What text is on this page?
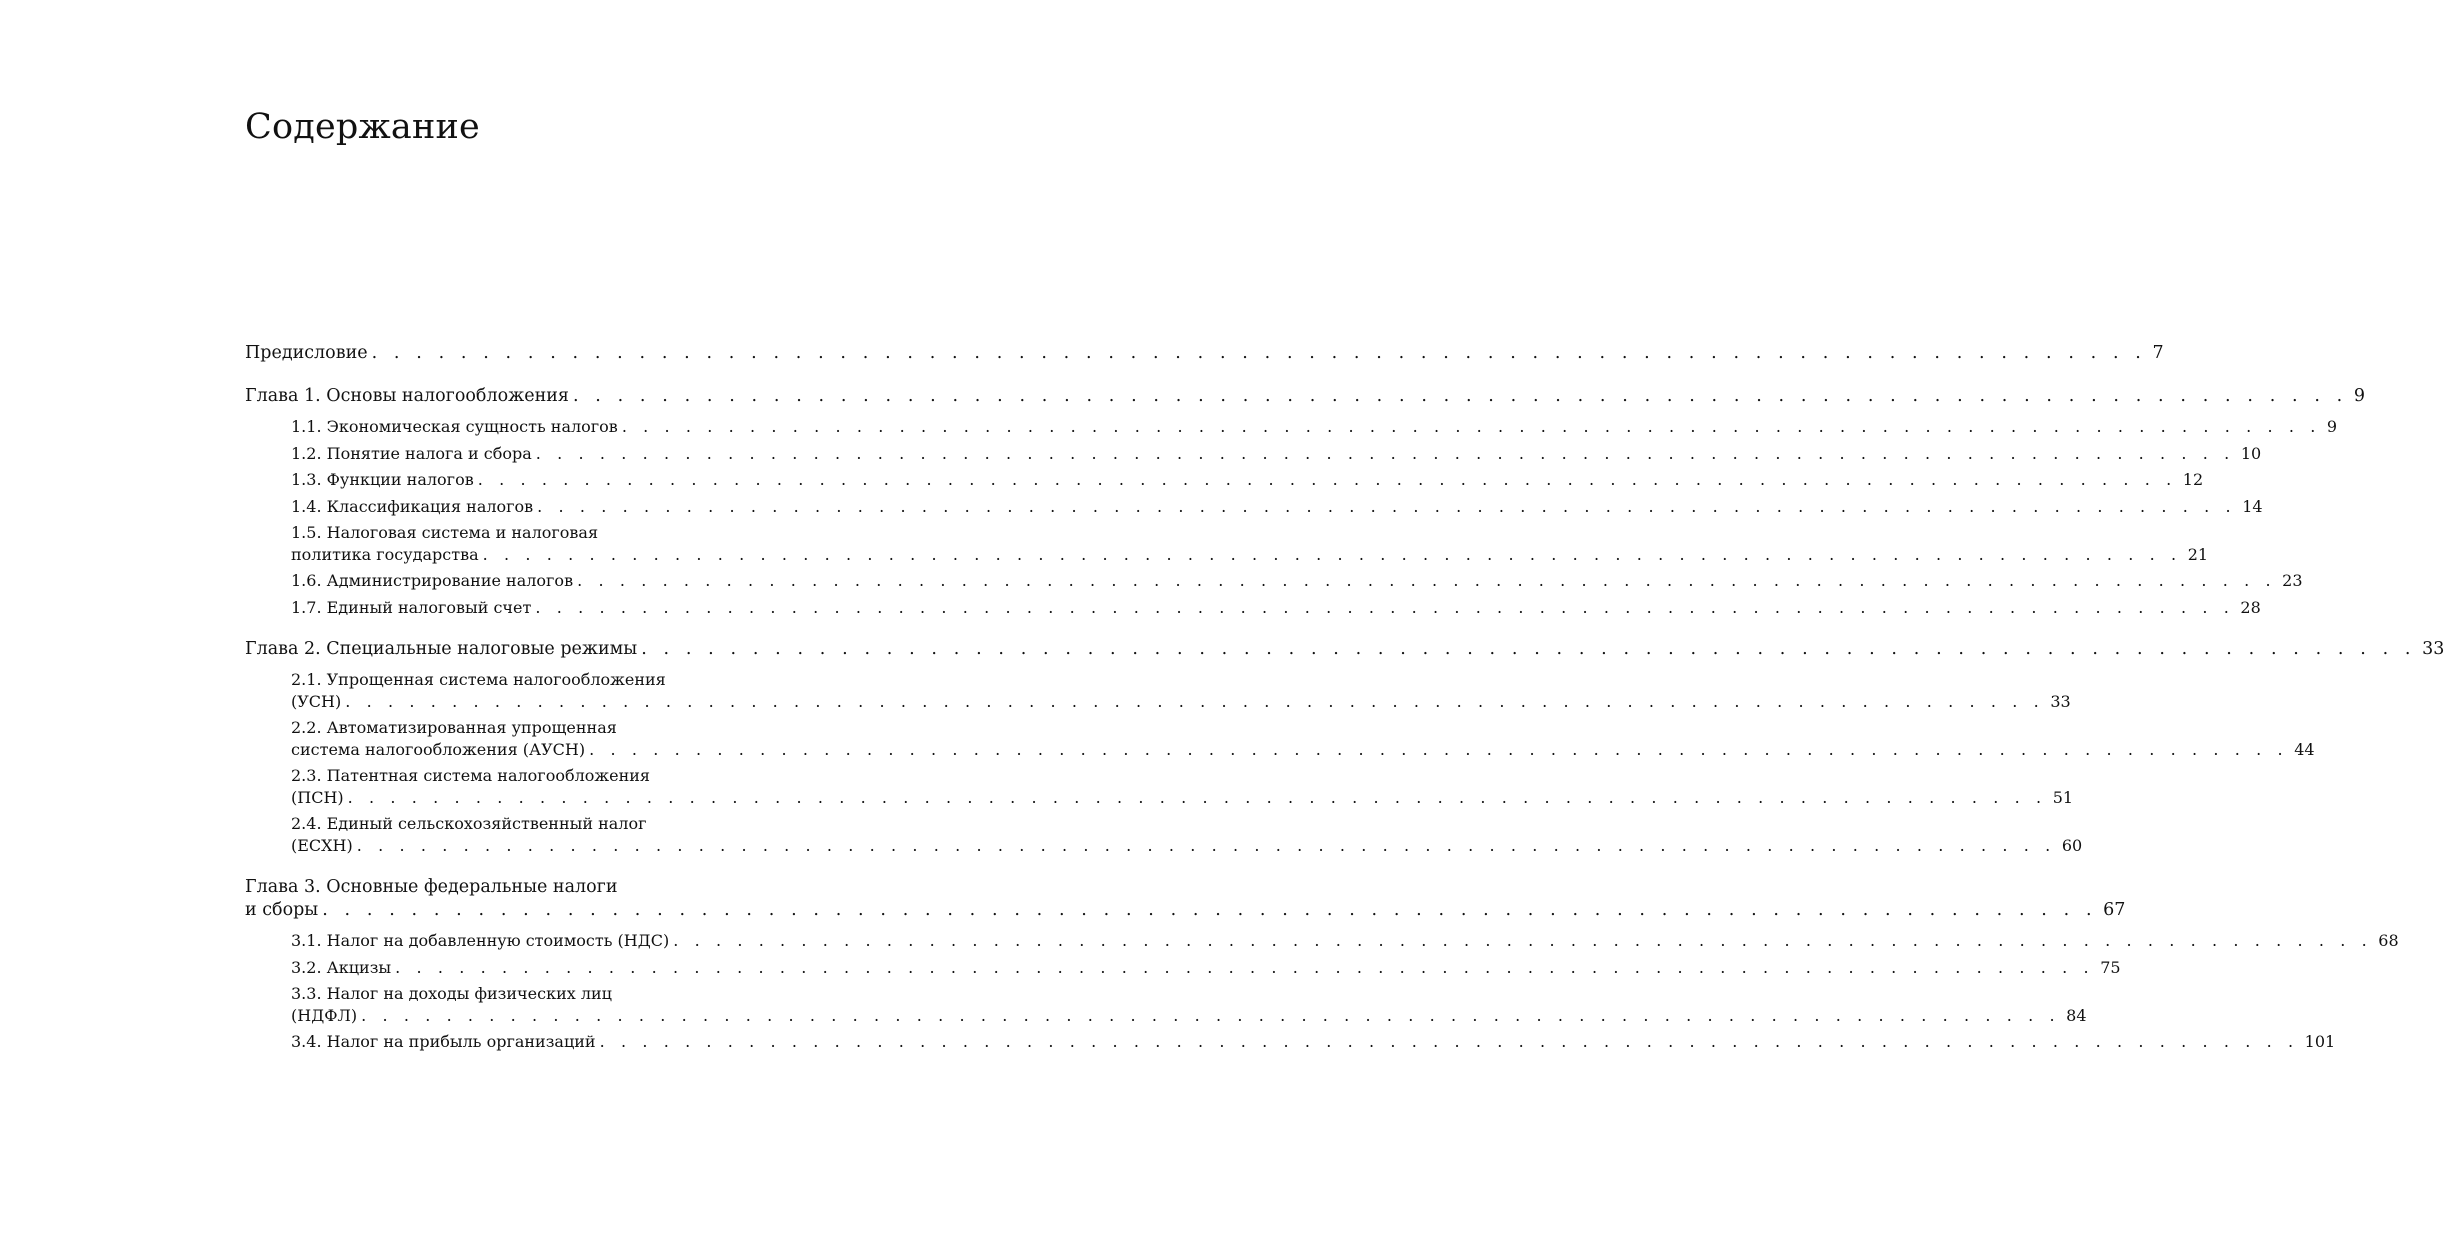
Содержание
Предисловие . . . . . . . . . . . . . . . . . . . . . . . . . . . . . . . . . . . . . . . . . . . . . . . . . . . . . . . . . . . . . . . . . . . . . . . . . . . . . . . . 7
Глава 1. Основы налогообложения . . . . . . . . . . . . . . . . . . . . . . . . . . . . . . . . . . . . . . . . . . . . . . . . . . . . . . . . . . . . . . . . . . . . . . . . . . . . . . . . 9
1.1. Экономическая сущность налогов . . . . . . . . . . . . . . . . . . . . . . . . . . . . . . . . . . . . . . . . . . . . . . . . . . . . . . . . . . . . . . . . . . . . . . . . . . . . . . . . 9
1.2. Понятие налога и сбора . . . . . . . . . . . . . . . . . . . . . . . . . . . . . . . . . . . . . . . . . . . . . . . . . . . . . . . . . . . . . . . . . . . . . . . . . . . . . . . . 10
1.3. Функции налогов . . . . . . . . . . . . . . . . . . . . . . . . . . . . . . . . . . . . . . . . . . . . . . . . . . . . . . . . . . . . . . . . . . . . . . . . . . . . . . . . 12
1.4. Классификация налогов . . . . . . . . . . . . . . . . . . . . . . . . . . . . . . . . . . . . . . . . . . . . . . . . . . . . . . . . . . . . . . . . . . . . . . . . . . . . . . . . 14
1.5. Налоговая система и налоговая
политика государства . . . . . . . . . . . . . . . . . . . . . . . . . . . . . . . . . . . . . . . . . . . . . . . . . . . . . . . . . . . . . . . . . . . . . . . . . . . . . . . . 21
1.6. Администрирование налогов . . . . . . . . . . . . . . . . . . . . . . . . . . . . . . . . . . . . . . . . . . . . . . . . . . . . . . . . . . . . . . . . . . . . . . . . . . . . . . . . 23
1.7. Единый налоговый счет . . . . . . . . . . . . . . . . . . . . . . . . . . . . . . . . . . . . . . . . . . . . . . . . . . . . . . . . . . . . . . . . . . . . . . . . . . . . . . . . 28
Глава 2. Специальные налоговые режимы . . . . . . . . . . . . . . . . . . . . . . . . . . . . . . . . . . . . . . . . . . . . . . . . . . . . . . . . . . . . . . . . . . . . . . . . . . . . . . . . 33
2.1. Упрощенная система налогообложения
(УСН) . . . . . . . . . . . . . . . . . . . . . . . . . . . . . . . . . . . . . . . . . . . . . . . . . . . . . . . . . . . . . . . . . . . . . . . . . . . . . . . . 33
2.2. Автоматизированная упрощенная
система налогообложения (АУСН) . . . . . . . . . . . . . . . . . . . . . . . . . . . . . . . . . . . . . . . . . . . . . . . . . . . . . . . . . . . . . . . . . . . . . . . . . . . . . . . . 44
2.3. Патентная система налогообложения
(ПСН) . . . . . . . . . . . . . . . . . . . . . . . . . . . . . . . . . . . . . . . . . . . . . . . . . . . . . . . . . . . . . . . . . . . . . . . . . . . . . . . . 51
2.4. Единый сельскохозяйственный налог
(ЕСХН) . . . . . . . . . . . . . . . . . . . . . . . . . . . . . . . . . . . . . . . . . . . . . . . . . . . . . . . . . . . . . . . . . . . . . . . . . . . . . . . . 60
Глава 3. Основные федеральные налоги
и сборы . . . . . . . . . . . . . . . . . . . . . . . . . . . . . . . . . . . . . . . . . . . . . . . . . . . . . . . . . . . . . . . . . . . . . . . . . . . . . . . . 67
3.1. Налог на добавленную стоимость (НДС) . . . . . . . . . . . . . . . . . . . . . . . . . . . . . . . . . . . . . . . . . . . . . . . . . . . . . . . . . . . . . . . . . . . . . . . . . . . . . . . . 68
3.2. Акцизы . . . . . . . . . . . . . . . . . . . . . . . . . . . . . . . . . . . . . . . . . . . . . . . . . . . . . . . . . . . . . . . . . . . . . . . . . . . . . . . . 75
3.3. Налог на доходы физических лиц
(НДФЛ) . . . . . . . . . . . . . . . . . . . . . . . . . . . . . . . . . . . . . . . . . . . . . . . . . . . . . . . . . . . . . . . . . . . . . . . . . . . . . . . . 84
3.4. Налог на прибыль организаций . . . . . . . . . . . . . . . . . . . . . . . . . . . . . . . . . . . . . . . . . . . . . . . . . . . . . . . . . . . . . . . . . . . . . . . . . . . . . . . . 101
